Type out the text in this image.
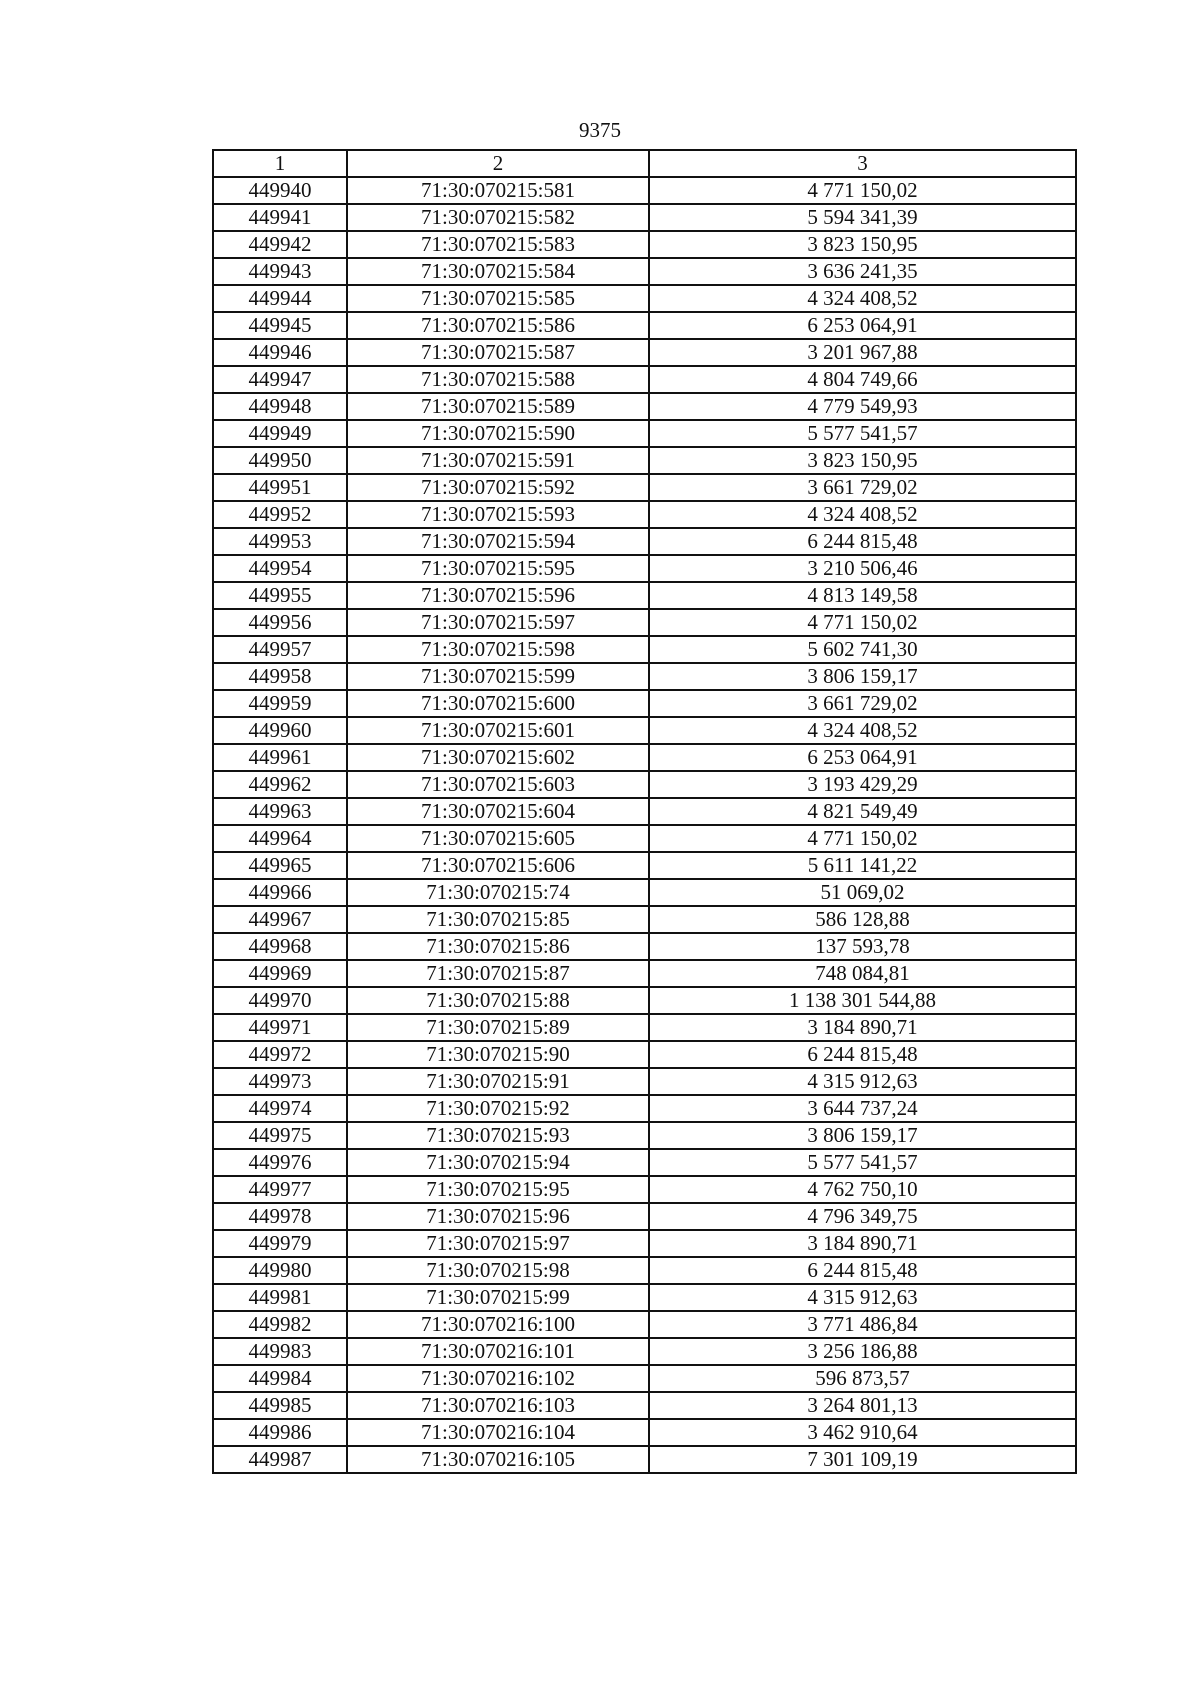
9375
1	2	3
449940	71:30:070215:581	4 771 150,02
449941	71:30:070215:582	5 594 341,39
449942	71:30:070215:583	3 823 150,95
449943	71:30:070215:584	3 636 241,35
449944	71:30:070215:585	4 324 408,52
449945	71:30:070215:586	6 253 064,91
449946	71:30:070215:587	3 201 967,88
449947	71:30:070215:588	4 804 749,66
449948	71:30:070215:589	4 779 549,93
449949	71:30:070215:590	5 577 541,57
449950	71:30:070215:591	3 823 150,95
449951	71:30:070215:592	3 661 729,02
449952	71:30:070215:593	4 324 408,52
449953	71:30:070215:594	6 244 815,48
449954	71:30:070215:595	3 210 506,46
449955	71:30:070215:596	4 813 149,58
449956	71:30:070215:597	4 771 150,02
449957	71:30:070215:598	5 602 741,30
449958	71:30:070215:599	3 806 159,17
449959	71:30:070215:600	3 661 729,02
449960	71:30:070215:601	4 324 408,52
449961	71:30:070215:602	6 253 064,91
449962	71:30:070215:603	3 193 429,29
449963	71:30:070215:604	4 821 549,49
449964	71:30:070215:605	4 771 150,02
449965	71:30:070215:606	5 611 141,22
449966	71:30:070215:74	51 069,02
449967	71:30:070215:85	586 128,88
449968	71:30:070215:86	137 593,78
449969	71:30:070215:87	748 084,81
449970	71:30:070215:88	1 138 301 544,88
449971	71:30:070215:89	3 184 890,71
449972	71:30:070215:90	6 244 815,48
449973	71:30:070215:91	4 315 912,63
449974	71:30:070215:92	3 644 737,24
449975	71:30:070215:93	3 806 159,17
449976	71:30:070215:94	5 577 541,57
449977	71:30:070215:95	4 762 750,10
449978	71:30:070215:96	4 796 349,75
449979	71:30:070215:97	3 184 890,71
449980	71:30:070215:98	6 244 815,48
449981	71:30:070215:99	4 315 912,63
449982	71:30:070216:100	3 771 486,84
449983	71:30:070216:101	3 256 186,88
449984	71:30:070216:102	596 873,57
449985	71:30:070216:103	3 264 801,13
449986	71:30:070216:104	3 462 910,64
449987	71:30:070216:105	7 301 109,19
